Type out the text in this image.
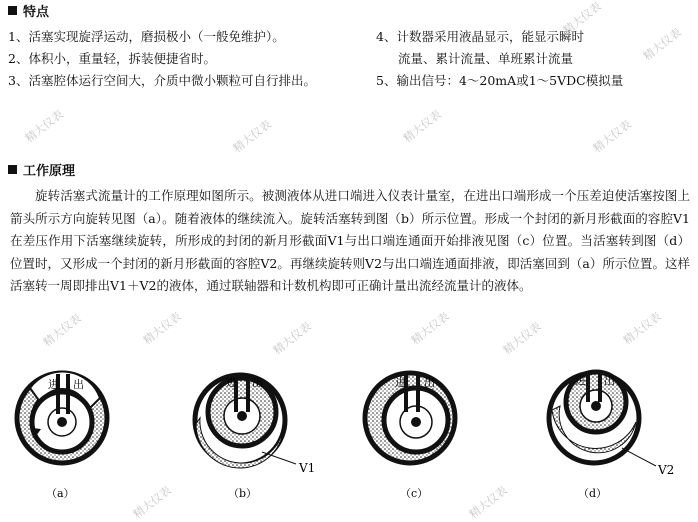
特点
1、活塞实现旋浮运动，磨损极小（一般免维护）。
2、体积小，重量轻，拆装便捷省时。
3、活塞腔体运行空间大，介质中微小颗粒可自行排出。
4、计数器采用液晶显示，能显示瞬时
流量、累计流量、单班累计流量
5、输出信号：4～20mA或1～5VDC模拟量
工作原理
旋转活塞式流量计的工作原理如图所示。被测液体从进口端进入仪表计量室，在进出口端形成一个压差迫使活塞按图上箭头所示方向旋转见图（a）。随着液体的继续流入。旋转活塞转到图（b）所示位置。形成一个封闭的新月形截面的容腔V1在差压作用下活塞继续旋转，所形成的封闭的新月形截面V1与出口端连通面开始排液见图（c）位置。当活塞转到图（d）位置时，又形成一个封闭的新月形截面的容腔V2。再继续旋转则V2与出口端连通面排液，即活塞回到（a）所示位置。这样活塞转一周即排出V1＋V2的液体，通过联轴器和计数机构即可正确计量出流经流量计的液体。
进 出	进 出	进 出	进 出
V1	V2
（a）	（b）	（c）	（d）
精大仪表	精大仪表	精大仪表	精大仪表
精大仪表	精大仪表	精大仪表	精大仪表	精大仪表	精大仪表
精大仪表
精大仪表
精大仪表	精大仪表
